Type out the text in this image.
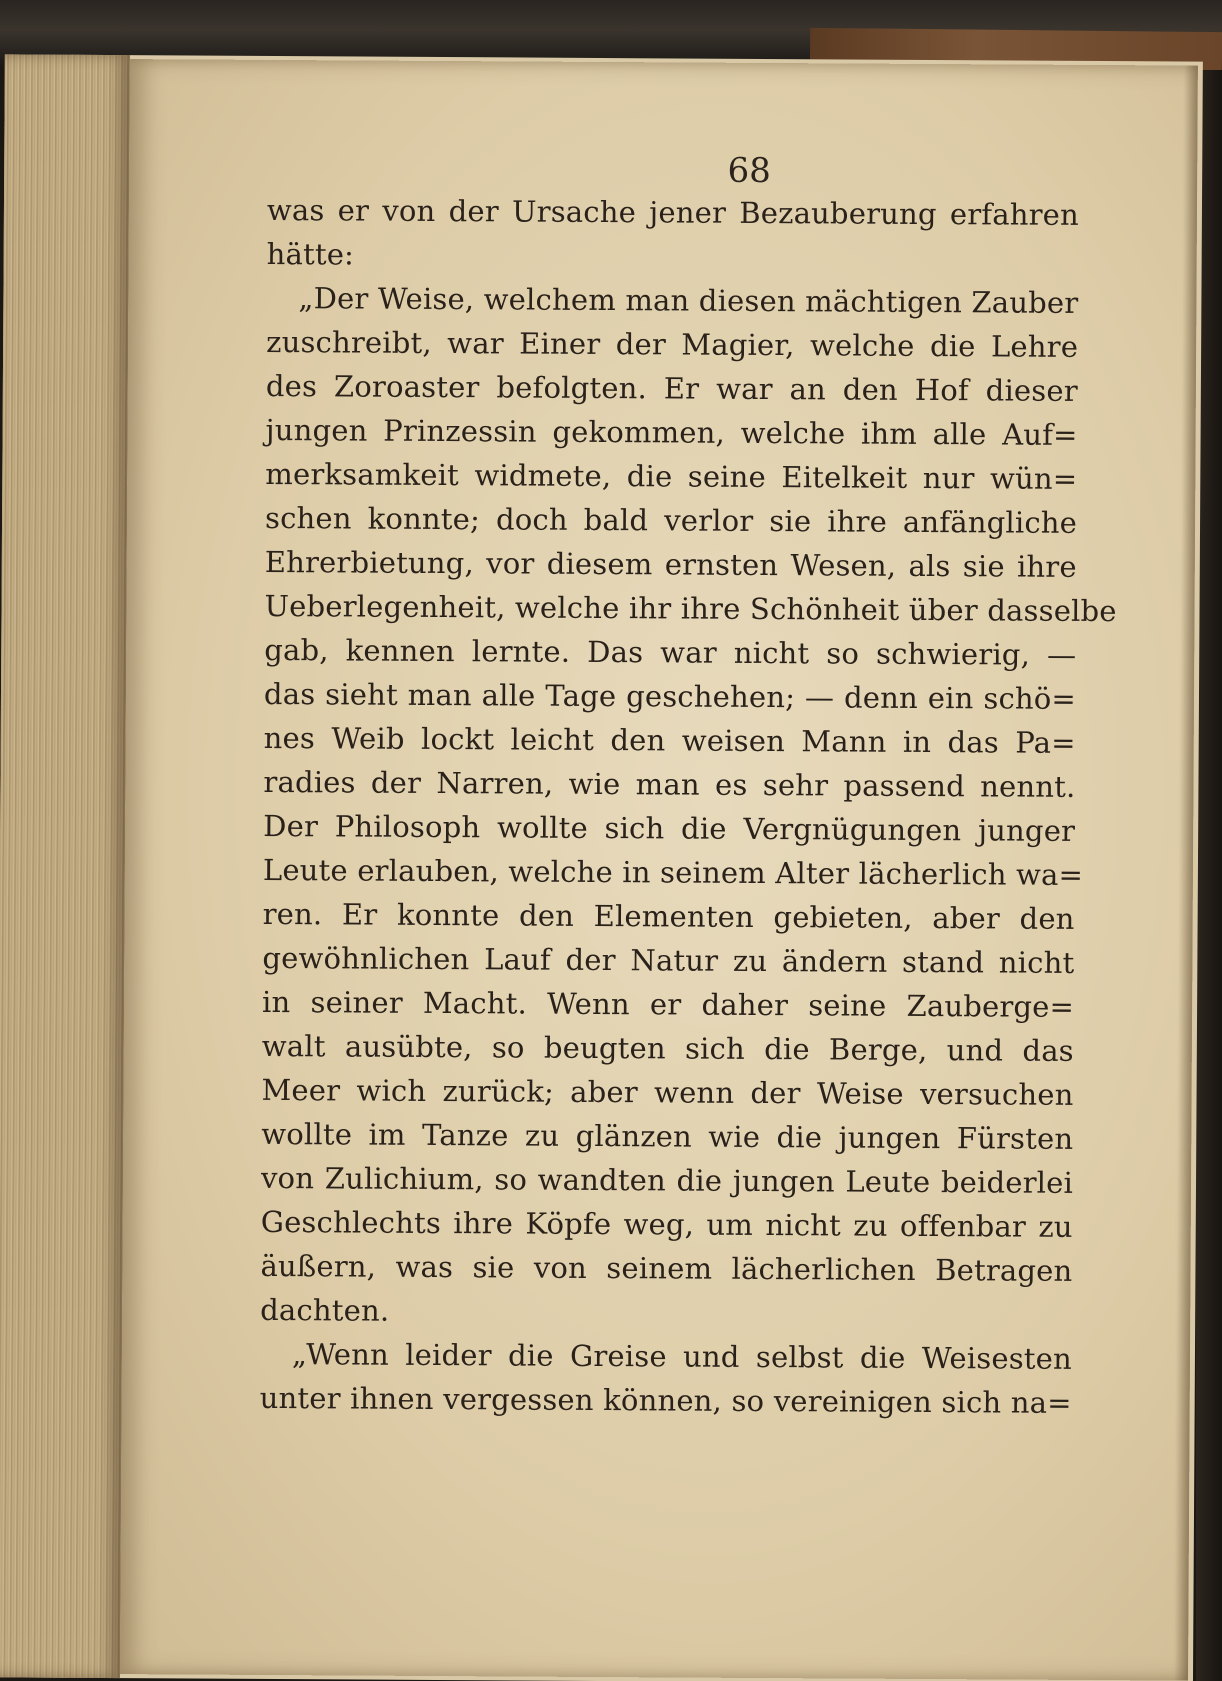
68
was er von der Ursache jener Bezauberung erfahren
hätte:
„Der Weise, welchem man diesen mächtigen Zauber
zuschreibt, war Einer der Magier, welche die Lehre
des Zoroaster befolgten. Er war an den Hof dieser
jungen Prinzessin gekommen, welche ihm alle Auf=
merksamkeit widmete, die seine Eitelkeit nur wün=
schen konnte; doch bald verlor sie ihre anfängliche
Ehrerbietung, vor diesem ernsten Wesen, als sie ihre
Ueberlegenheit, welche ihr ihre Schönheit über dasselbe
gab, kennen lernte. Das war nicht so schwierig, —
das sieht man alle Tage geschehen; — denn ein schö=
nes Weib lockt leicht den weisen Mann in das Pa=
radies der Narren, wie man es sehr passend nennt.
Der Philosoph wollte sich die Vergnügungen junger
Leute erlauben, welche in seinem Alter lächerlich wa=
ren. Er konnte den Elementen gebieten, aber den
gewöhnlichen Lauf der Natur zu ändern stand nicht
in seiner Macht. Wenn er daher seine Zauberge=
walt ausübte, so beugten sich die Berge, und das
Meer wich zurück; aber wenn der Weise versuchen
wollte im Tanze zu glänzen wie die jungen Fürsten
von Zulichium, so wandten die jungen Leute beiderlei
Geschlechts ihre Köpfe weg, um nicht zu offenbar zu
äußern, was sie von seinem lächerlichen Betragen
dachten.
„Wenn leider die Greise und selbst die Weisesten
unter ihnen vergessen können, so vereinigen sich na=
